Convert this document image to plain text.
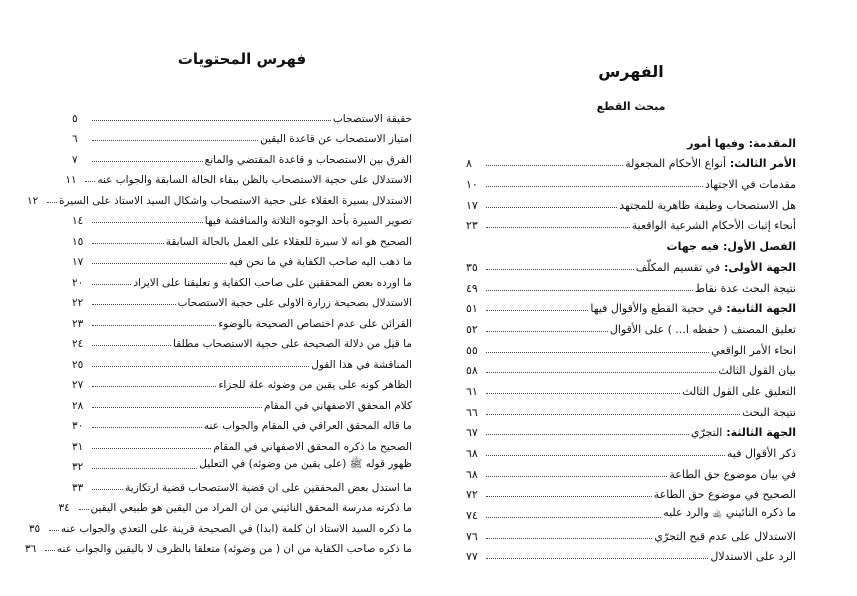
فهرس المحتويات
حقيقة الاستصحاب
٥
امتياز الاستصحاب عن قاعدة اليقين
٦
الفرق بين الاستصحاب و قاعدة المقتضي والمانع
٧
الاستدلال على حجية الاستصحاب بالظن ببقاء الحالة السابقة والجواب عنه
١١
الاستدلال بسيرة العقلاء على حجية الاستصحاب واشكال السيد الاستاذ على السيرة
١٢
تصوير السيرة بأحد الوجوه الثلاثة والمناقشة فيها
١٤
الصحيح هو انه لا سيرة للعقلاء على العمل بالحالة السابقة
١٥
ما ذهب اليه صاحب الكفاية في ما نحن فيه
١٧
ما اورده بعض المحققين على صاحب الكفاية و تعليقنا على الايراد
٢٠
الاستدلال بصحيحة زرارة الاولى على حجية الاستصحاب
٢٢
القرائن على عدم اختصاص الصحيحة بالوضوء
٢٣
ما قيل من دلالة الصحيحة على حجية الاستصحاب مطلقا
٢٤
المناقشة في هذا القول
٢٥
الظاهر كونه على يقين من وضوئه علة للجزاء
٢٧
كلام المحقق الاصفهاني في المقام
٢٨
ما قاله المحقق العراقي في المقام والجواب عنه
٣٠
الصحيح ما ذكره المحقق الاصفهاني في المقام
٣١
ظهور قوله ﷺ (على يقين من وضوئه) في التعليل
٣٢
ما استدل بعض المحققين على ان قضية الاستصحاب قضية ارتكازية
٣٣
ما ذكرته مدرسة المحقق النائيني من ان المراد من اليقين هو طبيعي اليقين
٣٤
ما ذكره السيد الاستاذ ان كلمة (ابدا) في الصحيحة قرينة على التعدي والجواب عنه
٣٥
ما ذكره صاحب الكفاية من ان ( من وضوئه) متعلقا بالظرف لا باليقين والجواب عنه
٣٦
الفهرس
مبحث القطع
المقدمة: وفيها أمور
الأمر الثالث: أنواع الأحكام المجعولة
٨
مقدمات في الاجتهاد
١٠
هل الاستصحاب وظيفة ظاهرية للمجتهد
١٧
أنحاء إثبات الأحكام الشرعية الواقعية
٢٣
الفصل الأول: فيه جهات
الجهة الأولى: في تقسيم المكلّف
٣٥
نتيجة البحث عدة نقاط
٤٩
الجهة الثانية: في حجية القطع والأقوال فيها
٥١
تعليق المصنف ( حفظه ا... ) على الأقوال
٥٢
انحاء الأمر الواقعي
٥٥
بيان القول الثالث
٥٨
التعليق على القول الثالث
٦١
نتيجة البحث
٦٦
الجهة الثالثة: التجرّي
٦٧
ذكر الأقوال فيه
٦٨
في بيان موضوع حق الطاعة
٦٨
الصحيح في موضوع حق الطاعة
٧٢
ما ذكره النائيني ﵀ والرد عليه
٧٤
الاستدلال على عدم قبح التجرّي
٧٦
الرد على الاستدلال
٧٧
